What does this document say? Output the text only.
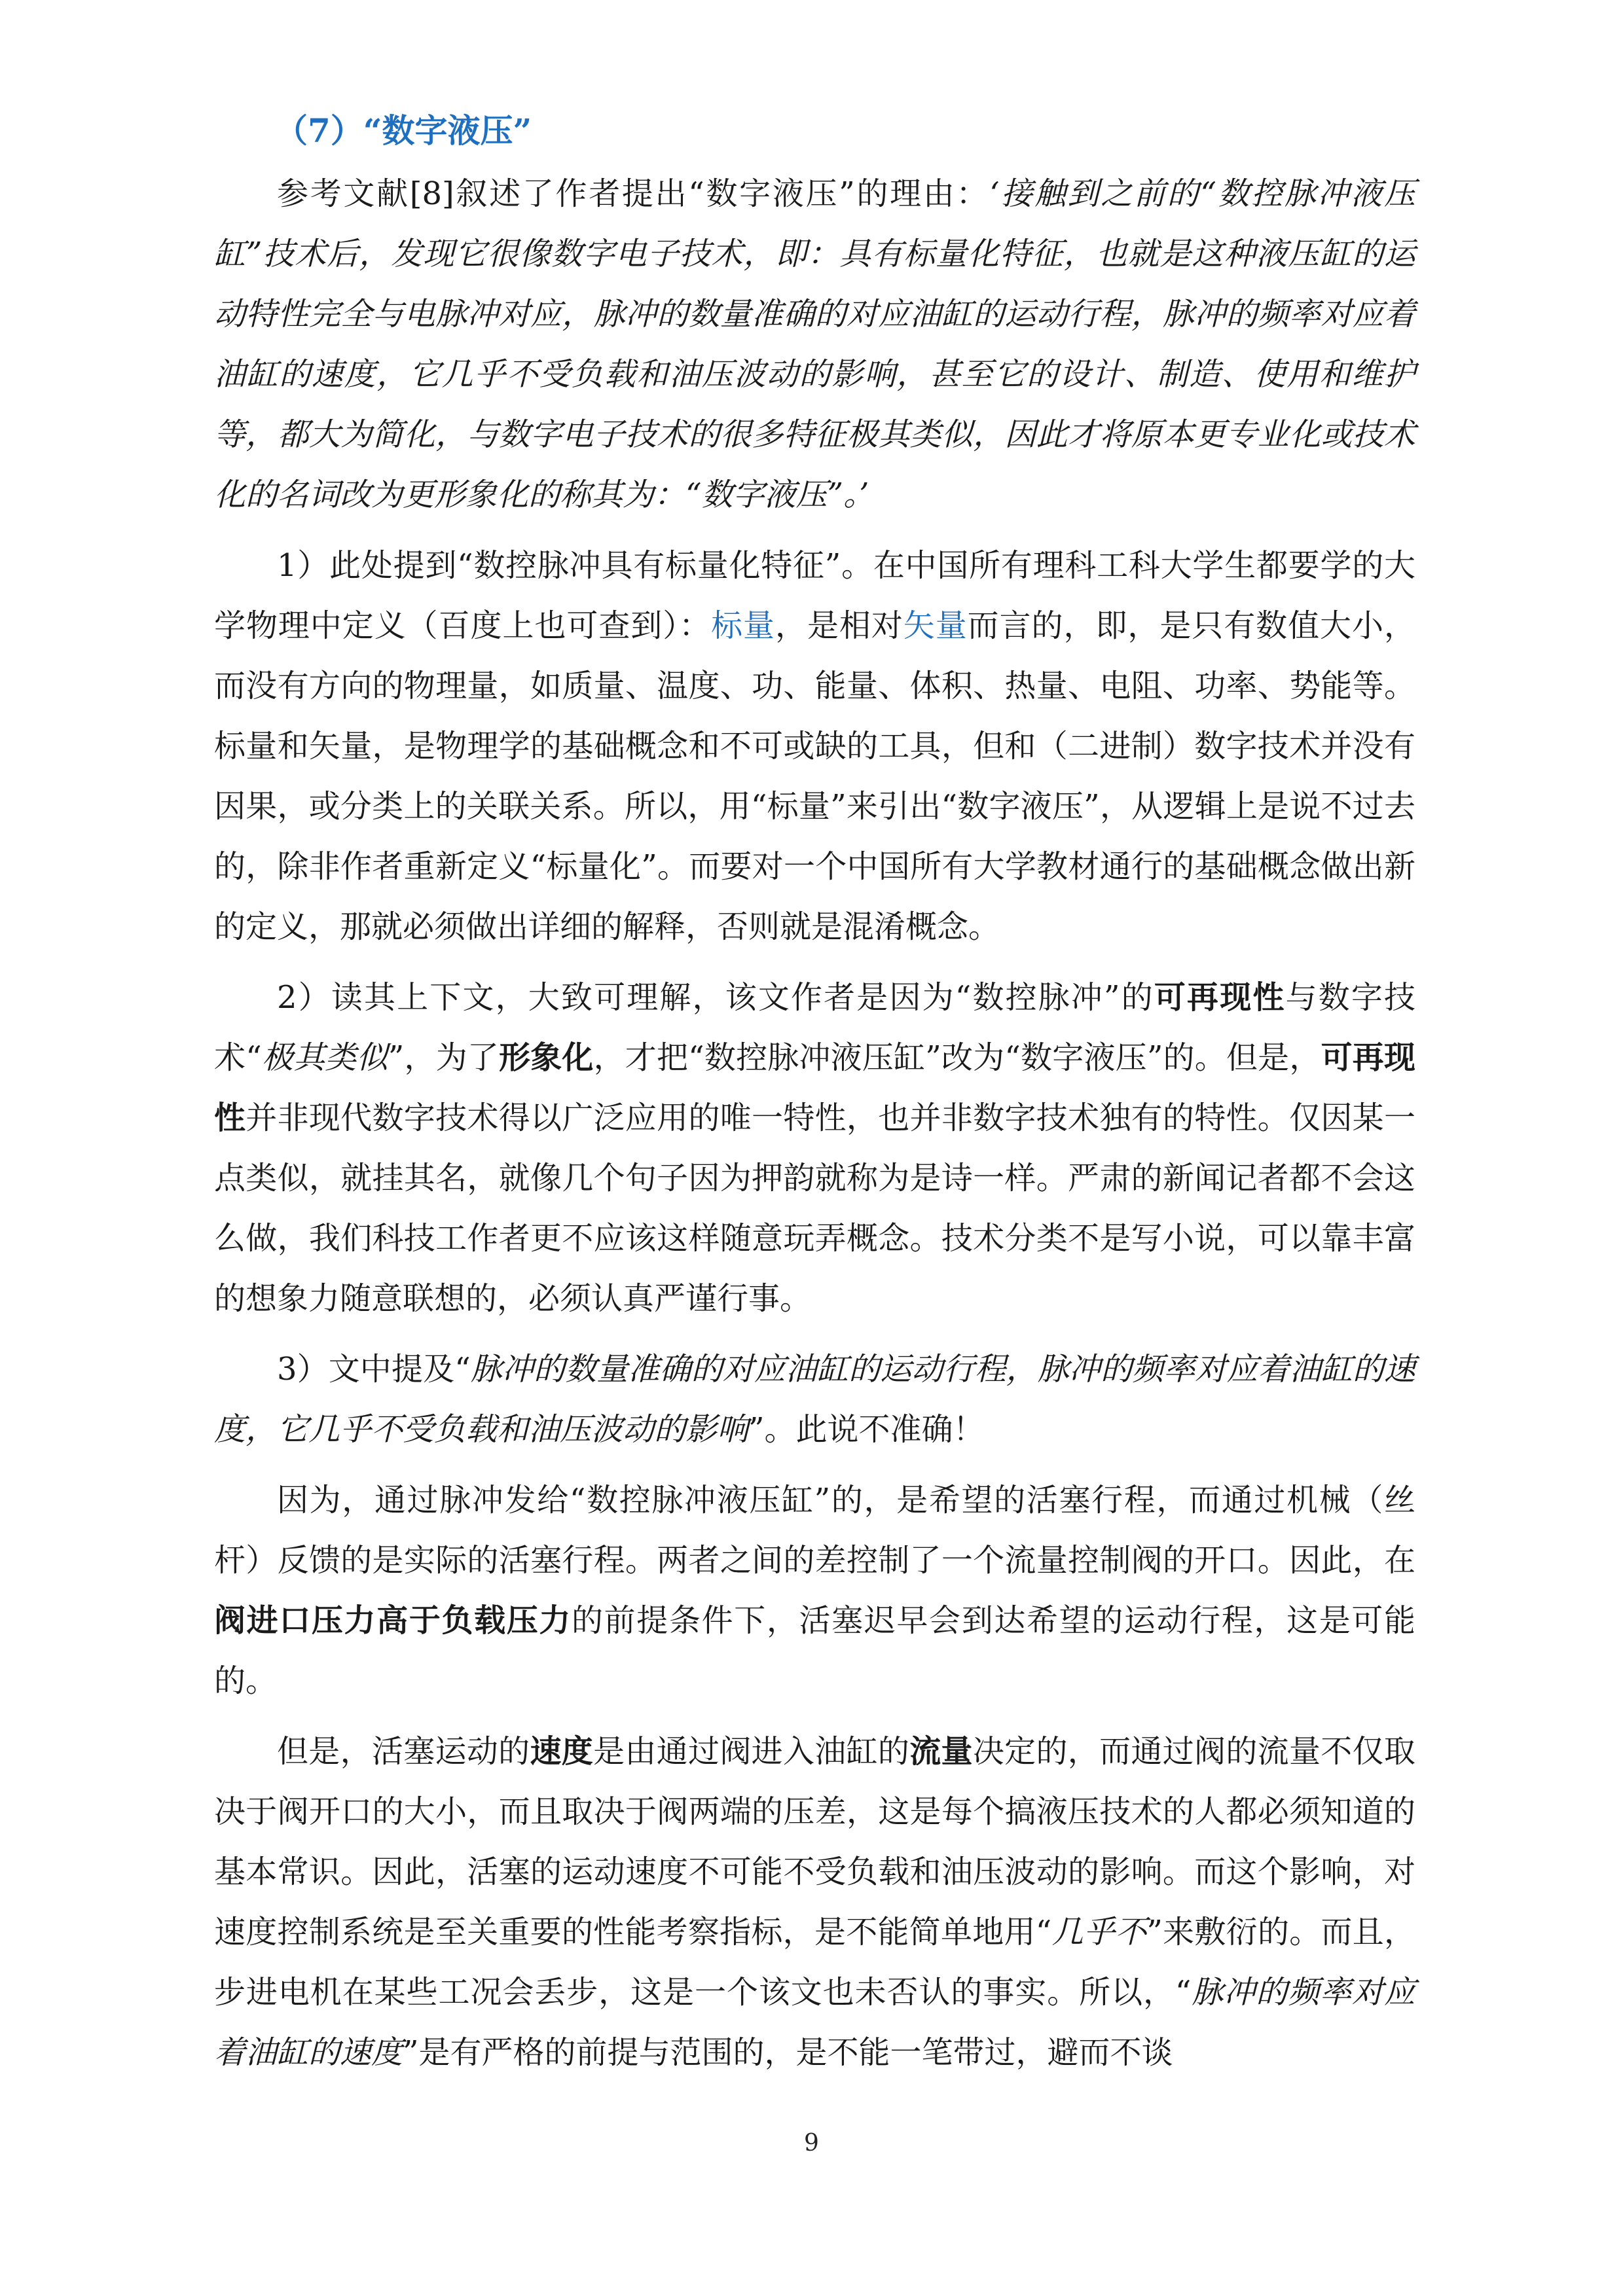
（7）“数字液压”

参考文献[8]叙述了作者提出“数字液压”的理由：‘接触到之前的“数控脉冲液压缸”技术后，发现它很像数字电子技术，即：具有标量化特征，也就是这种液压缸的运动特性完全与电脉冲对应，脉冲的数量准确的对应油缸的运动行程，脉冲的频率对应着油缸的速度，它几乎不受负载和油压波动的影响，甚至它的设计、制造、使用和维护等，都大为简化，与数字电子技术的很多特征极其类似，因此才将原本更专业化或技术化的名词改为更形象化的称其为：“数字液压”。’

1）此处提到“数控脉冲具有标量化特征”。在中国所有理科工科大学生都要学的大学物理中定义（百度上也可查到）：标量，是相对矢量而言的，即，是只有数值大小，而没有方向的物理量，如质量、温度、功、能量、体积、热量、电阻、功率、势能等。标量和矢量，是物理学的基础概念和不可或缺的工具，但和（二进制）数字技术并没有因果，或分类上的关联关系。所以，用“标量”来引出“数字液压”，从逻辑上是说不过去的，除非作者重新定义“标量化”。而要对一个中国所有大学教材通行的基础概念做出新的定义，那就必须做出详细的解释，否则就是混淆概念。

2）读其上下文，大致可理解，该文作者是因为“数控脉冲”的可再现性与数字技术“极其类似”，为了形象化，才把“数控脉冲液压缸”改为“数字液压”的。但是，可再现性并非现代数字技术得以广泛应用的唯一特性，也并非数字技术独有的特性。仅因某一点类似，就挂其名，就像几个句子因为押韵就称为是诗一样。严肃的新闻记者都不会这么做，我们科技工作者更不应该这样随意玩弄概念。技术分类不是写小说，可以靠丰富的想象力随意联想的，必须认真严谨行事。

3）文中提及“脉冲的数量准确的对应油缸的运动行程，脉冲的频率对应着油缸的速度，它几乎不受负载和油压波动的影响”。此说不准确！

因为，通过脉冲发给“数控脉冲液压缸”的，是希望的活塞行程，而通过机械（丝杆）反馈的是实际的活塞行程。两者之间的差控制了一个流量控制阀的开口。因此，在阀进口压力高于负载压力的前提条件下，活塞迟早会到达希望的运动行程，这是可能的。

但是，活塞运动的速度是由通过阀进入油缸的流量决定的，而通过阀的流量不仅取决于阀开口的大小，而且取决于阀两端的压差，这是每个搞液压技术的人都必须知道的基本常识。因此，活塞的运动速度不可能不受负载和油压波动的影响。而这个影响，对速度控制系统是至关重要的性能考察指标，是不能简单地用“几乎不”来敷衍的。而且，步进电机在某些工况会丢步，这是一个该文也未否认的事实。所以，“脉冲的频率对应着油缸的速度”是有严格的前提与范围的，是不能一笔带过，避而不谈

9
